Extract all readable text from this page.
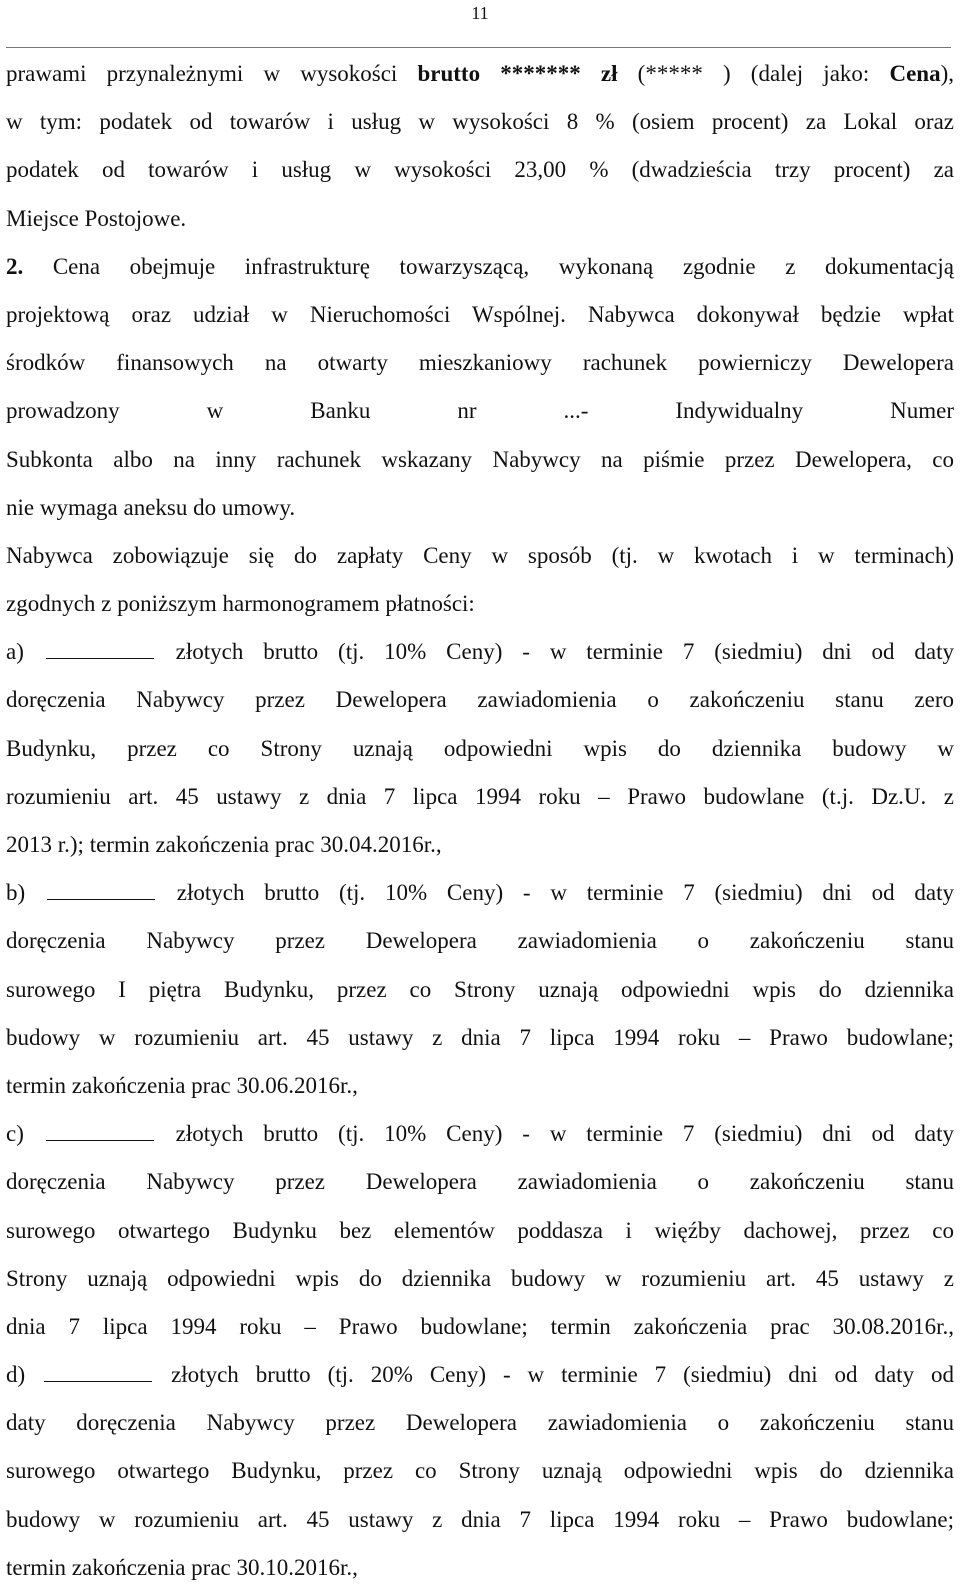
11
prawami przynależnymi w wysokości brutto ******* zł (***** ) (dalej jako: Cena),
w tym: podatek od towarów i usług w wysokości 8 % (osiem procent) za Lokal oraz
podatek od towarów i usług w wysokości 23,00 % (dwadzieścia trzy procent) za
Miejsce Postojowe.
2. Cena obejmuje infrastrukturę towarzyszącą, wykonaną zgodnie z dokumentacją
projektową oraz udział w Nieruchomości Wspólnej. Nabywca dokonywał będzie wpłat
środków finansowych na otwarty mieszkaniowy rachunek powierniczy Dewelopera
prowadzony w Banku nr ...- Indywidualny Numer
Subkonta albo na inny rachunek wskazany Nabywcy na piśmie przez Dewelopera, co
nie wymaga aneksu do umowy.
Nabywca zobowiązuje się do zapłaty Ceny w sposób (tj. w kwotach i w terminach)
zgodnych z poniższym harmonogramem płatności:
a)	złotych brutto (tj. 10% Ceny) - w terminie 7 (siedmiu) dni od daty
doręczenia Nabywcy przez Dewelopera zawiadomienia o zakończeniu stanu zero
Budynku, przez co Strony uznają odpowiedni wpis do dziennika budowy w
rozumieniu art. 45 ustawy z dnia 7 lipca 1994 roku – Prawo budowlane (t.j. Dz.U. z
2013 r.); termin zakończenia prac 30.04.2016r.,
b)	złotych brutto (tj. 10% Ceny) - w terminie 7 (siedmiu) dni od daty
doręczenia Nabywcy przez Dewelopera zawiadomienia o zakończeniu stanu
surowego I piętra Budynku, przez co Strony uznają odpowiedni wpis do dziennika
budowy w rozumieniu art. 45 ustawy z dnia 7 lipca 1994 roku – Prawo budowlane;
termin zakończenia prac 30.06.2016r.,
c)	złotych brutto (tj. 10% Ceny) - w terminie 7 (siedmiu) dni od daty
doręczenia Nabywcy przez Dewelopera zawiadomienia o zakończeniu stanu
surowego otwartego Budynku bez elementów poddasza i więźby dachowej, przez co
Strony uznają odpowiedni wpis do dziennika budowy w rozumieniu art. 45 ustawy z
dnia 7 lipca 1994 roku – Prawo budowlane; termin zakończenia prac 30.08.2016r.,
d)	złotych brutto (tj. 20% Ceny) - w terminie 7 (siedmiu) dni od daty od
daty doręczenia Nabywcy przez Dewelopera zawiadomienia o zakończeniu stanu
surowego otwartego Budynku, przez co Strony uznają odpowiedni wpis do dziennika
budowy w rozumieniu art. 45 ustawy z dnia 7 lipca 1994 roku – Prawo budowlane;
termin zakończenia prac 30.10.2016r.,
